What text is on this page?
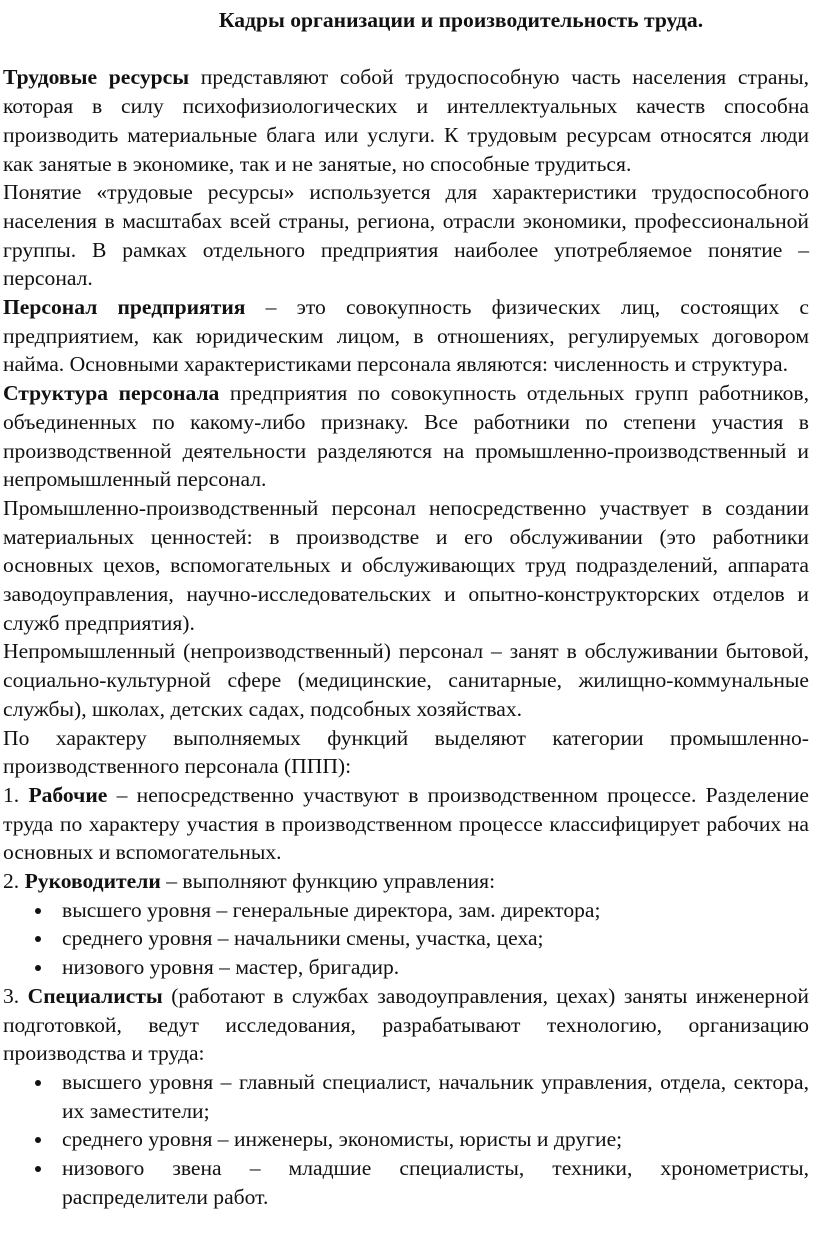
Кадры организации и производительность труда.

Трудовые ресурсы представляют собой трудоспособную часть населения страны, которая в силу психофизиологических и интеллектуальных качеств способна производить материальные блага или услуги. К трудовым ресурсам относятся люди как занятые в экономике, так и не занятые, но способные трудиться.

Понятие «трудовые ресурсы» используется для характеристики трудоспособного населения в масштабах всей страны, региона, отрасли экономики, профессиональной группы. В рамках отдельного предприятия наиболее употребляемое понятие – персонал.

Персонал предприятия – это совокупность физических лиц, состоящих с предприятием, как юридическим лицом, в отношениях, регулируемых договором найма. Основными характеристиками персонала являются: численность и структура.

Структура персонала предприятия по совокупность отдельных групп работников, объединенных по какому-либо признаку. Все работники по степени участия в производственной деятельности разделяются на промышленно-производственный и непромышленный персонал.

Промышленно-производственный персонал непосредственно участвует в создании материальных ценностей: в производстве и его обслуживании (это работники основных цехов, вспомогательных и обслуживающих труд подразделений, аппарата заводоуправления, научно-исследовательских и опытно-конструкторских отделов и служб предприятия).

Непромышленный (непроизводственный) персонал – занят в обслуживании бытовой, социально-культурной сфере (медицинские, санитарные, жилищно-коммунальные службы), школах, детских садах, подсобных хозяйствах.

По характеру выполняемых функций выделяют категории промышленно-производственного персонала (ППП):

1. Рабочие – непосредственно участвуют в производственном процессе. Разделение труда по характеру участия в производственном процессе классифицирует рабочих на основных и вспомогательных.

2. Руководители – выполняют функцию управления:

высшего уровня – генеральные директора, зам. директора;
среднего уровня – начальники смены, участка, цеха;
низового уровня – мастер, бригадир.

3. Специалисты (работают в службах заводоуправления, цехах) заняты инженерной подготовкой, ведут исследования, разрабатывают технологию, организацию производства и труда:

высшего уровня – главный специалист, начальник управления, отдела, сектора, их заместители;
среднего уровня – инженеры, экономисты, юристы и другие;
низового звена – младшие специалисты, техники, хронометристы, распределители работ.
